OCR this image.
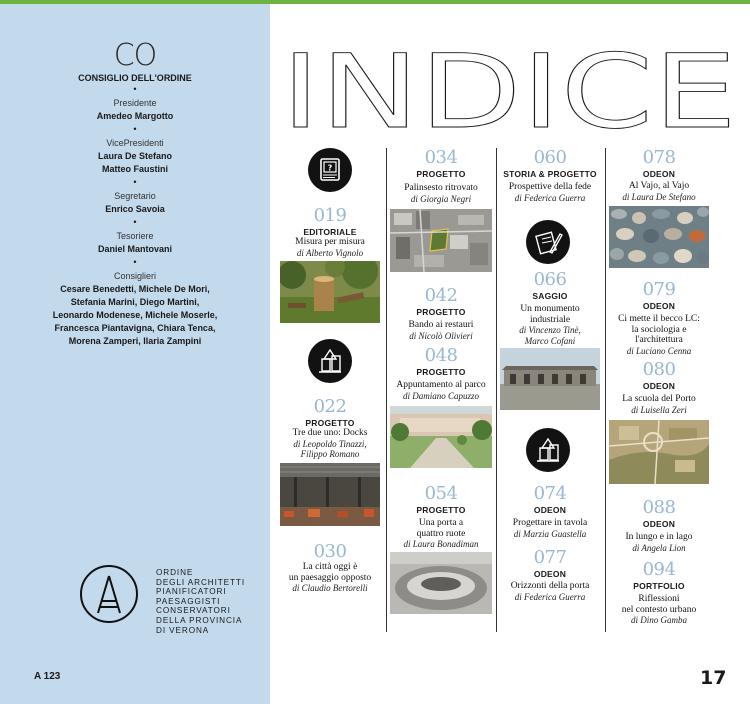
CO
CONSIGLIO DELL'ORDINE
•
Presidente
Amedeo Margotto
•
VicePresidenti
Laura De Stefano
Matteo Faustini
•
Segretario
Enrico Savoia
•
Tesoriere
Daniel Mantovani
•
Consiglieri
Cesare Benedetti, Michele De Mori,
Stefania Marini, Diego Martini,
Leonardo Modenese, Michele Moserle,
Francesca Piantavigna, Chiara Tenca,
Morena Zamperi, Ilaria Zampini
ORDINE
DEGLI ARCHITETTI
PIANIFICATORI
PAESAGGISTI
CONSERVATORI
DELLA PROVINCIA
DI VERONA
A 123	17
INDICE
?
019
EDITORIALE
Misura per misura
di Alberto Vignolo
022
PROGETTO
Tre due uno: Docks
di Leopoldo Tinazzi,
Filippo Romano
030
La città oggi è
un paesaggio opposto
di Claudio Bertorelli
034
PROGETTO
Palinsesto ritrovato
di Giorgia Negri
042
PROGETTO
Bando ai restauri
di Nicolò Olivieri
048
PROGETTO
Appuntamento al parco
di Damiano Capuzzo
054
PROGETTO
Una porta a
quattro ruote
di Laura Bonadiman
060
STORIA & PROGETTO
Prospettive della fede
di Federica Guerra
066
SAGGIO
Un monumento
industriale
di Vincenzo Tinè,
Marco Cofani
074
ODEON
Progettare in tavola
di Marzia Guastella
077
ODEON
Orizzonti della porta
di Federica Guerra
078
ODEON
Al Vajo, al Vajo
di Laura De Stefano
079
ODEON
Ci mette il becco LC:
la sociologia e
l'architettura
di Luciano Cenna
080
ODEON
La scuola del Porto
di Luisella Zeri
088
ODEON
In lungo e in lago
di Angela Lion
094
PORTFOLIO
Riflessioni
nel contesto urbano
di Dino Gamba
